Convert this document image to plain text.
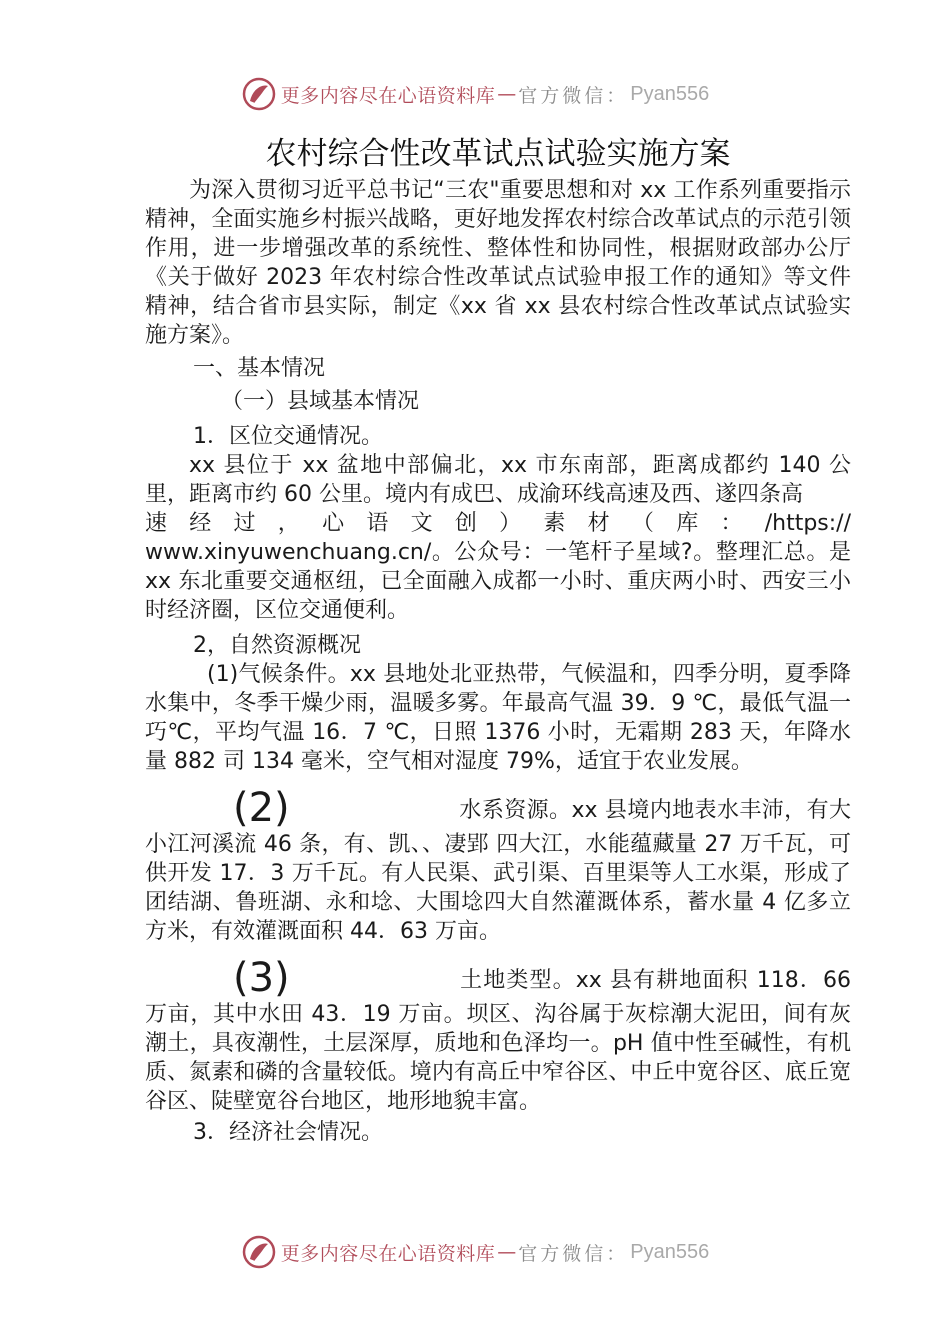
更多内容尽在心语资料库 — 官方微信： Pyan556
农村综合性改革试点试验实施方案

为深入贯彻习近平总书记“三农"重要思想和对 xx 工作系列重要指示精神，全面实施乡村振兴战略，更好地发挥农村综合改革试点的示范引领作用，进一步增强改革的系统性、整体性和协同性，根据财政部办公厅《关于做好 2023 年农村综合性改革试点试验申报工作的通知》等文件精神，结合省市县实际，制定《xx 省 xx 县农村综合性改革试点试验实施方案》。

一、基本情况

（一）县域基本情况

1．区位交通情况。

xx 县位于 xx 盆地中部偏北，xx 市东南部，距离成都约 140 公里，距离市约 60 公里。境内有成巴、成渝环线高速及西、遂四条高

速 经 过 ， 心 语 文 创 ） 素 材 （ 库 ： /https://

www.xinyuwenchuang.cn/。公众号：一笔杆子星域?。整理汇总。是 xx 东北重要交通枢纽，已全面融入成都一小时、重庆两小时、西安三小时经济圈，区位交通便利。

2，自然资源概况

(1)气候条件。xx 县地处北亚热带，气候温和，四季分明，夏季降水集中，冬季干燥少雨，温暖多雾。年最高气温 39．9 ℃，最低气温一巧℃，平均气温 16．7 ℃，日照 1376 小时，无霜期 283 天，年降水量 882 司 134 毫米，空气相对湿度 79%，适宜于农业发展。

(2)	水系资源。xx 县境内地表水丰沛，有大小江河溪流 46 条，有、凯、、凄郢 四大江，水能蕴藏量 27 万千瓦，可供开发 17．3 万千瓦。有人民渠、武引渠、百里渠等人工水渠，形成了团结湖、鲁班湖、永和埝、大围埝四大自然灌溉体系，蓄水量 4 亿多立方米，有效灌溉面积 44．63 万亩。

(3)	土地类型。xx 县有耕地面积 118．66 万亩，其中水田 43．19 万亩。坝区、沟谷属于灰棕潮大泥田，间有灰潮土，具夜潮性，土层深厚，质地和色泽均一。pH 值中性至碱性，有机质、氮素和磷的含量较低。境内有高丘中窄谷区、中丘中宽谷区、底丘宽谷区、陡壁宽谷台地区，地形地貌丰富。

3．经济社会情况。

更多内容尽在心语资料库 — 官方微信： Pyan556
